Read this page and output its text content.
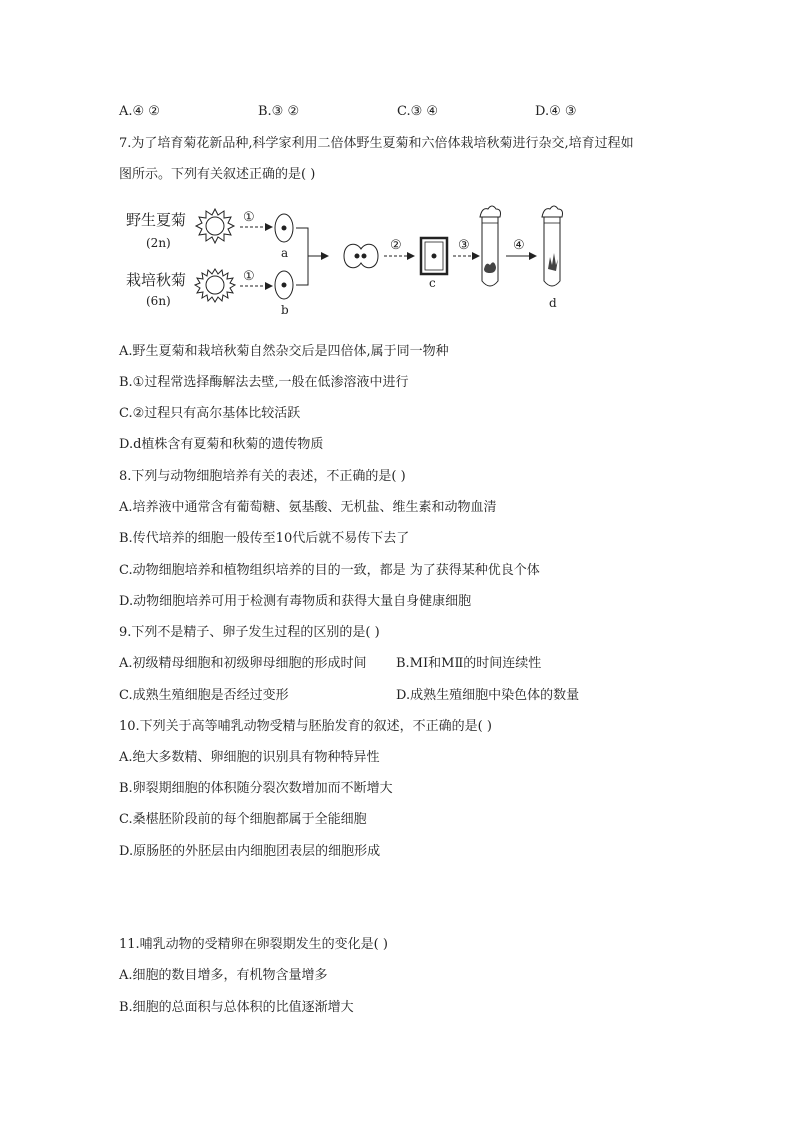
A.④ ②	B.③ ②	C.③ ④	D.④ ③
7.为了培育菊花新品种,科学家利用二倍体野生夏菊和六倍体栽培秋菊进行杂交,培育过程如
图所示。下列有关叙述正确的是( )
野生夏菊
(2n)
栽培秋菊
(6n)
①
①
a
b
②
c
③	④
d
A.野生夏菊和栽培秋菊自然杂交后是四倍体,属于同一物种
B.①过程常选择酶解法去壁,一般在低渗溶液中进行
C.②过程只有高尔基体比较活跃
D.d植株含有夏菊和秋菊的遗传物质
8.下列与动物细胞培养有关的表述，不正确的是( )
A.培养液中通常含有葡萄糖、氨基酸、无机盐、维生素和动物血清
B.传代培养的细胞一般传至10代后就不易传下去了
C.动物细胞培养和植物组织培养的目的一致，都是 为了获得某种优良个体
D.动物细胞培养可用于检测有毒物质和获得大量自身健康细胞
9.下列不是精子、卵子发生过程的区别的是( )
A.初级精母细胞和初级卵母细胞的形成时间 B.MⅠ和MⅡ的时间连续性
C.成熟生殖细胞是否经过变形	D.成熟生殖细胞中染色体的数量
10.下列关于高等哺乳动物受精与胚胎发育的叙述，不正确的是( )
A.绝大多数精、卵细胞的识别具有物种特异性
B.卵裂期细胞的体积随分裂次数增加而不断增大
C.桑椹胚阶段前的每个细胞都属于全能细胞
D.原肠胚的外胚层由内细胞团表层的细胞形成
11.哺乳动物的受精卵在卵裂期发生的变化是( )
A.细胞的数目增多，有机物含量增多
B.细胞的总面积与总体积的比值逐渐增大
